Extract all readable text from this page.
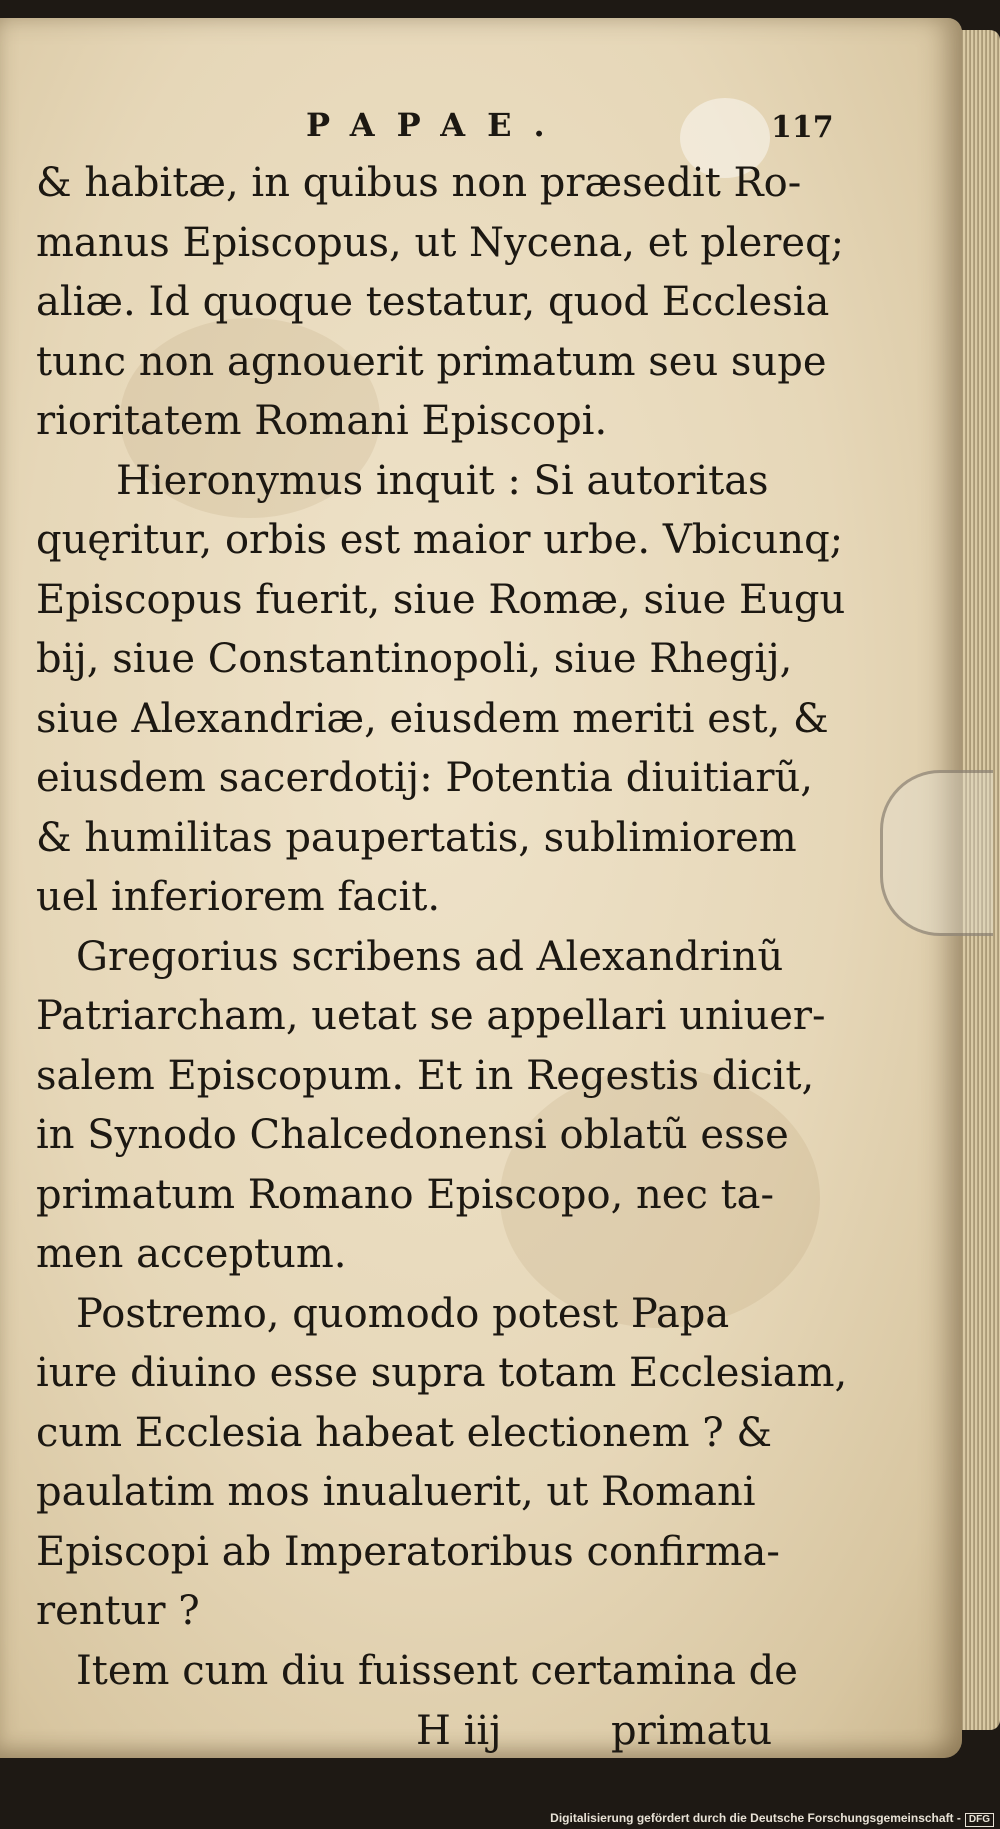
PAPAE.	117
& habitæ, in quibus non præsedit Ro-
manus Episcopus, ut Nycena, et plereq;
aliæ. Id quoque testatur, quod Ecclesia
tunc non agnouerit primatum seu supe
rioritatem Romani Episcopi.
Hieronymus inquit : Si autoritas
quęritur, orbis est maior urbe. Vbicunq;
Episcopus fuerit, siue Romæ, siue Eugu
bij, siue Constantinopoli, siue Rhegij,
siue Alexandriæ, eiusdem meriti est, &
eiusdem sacerdotij: Potentia diuitiarũ,
& humilitas paupertatis, sublimiorem
uel inferiorem facit.
Gregorius scribens ad Alexandrinũ
Patriarcham, uetat se appellari uniuer-
salem Episcopum. Et in Regestis dicit,
in Synodo Chalcedonensi oblatũ esse
primatum Romano Episcopo, nec ta-
men acceptum.
Postremo, quomodo potest Papa
iure diuino esse supra totam Ecclesiam,
cum Ecclesia habeat electionem ? &
paulatim mos inualuerit, ut Romani
Episcopi ab Imperatoribus confirma-
rentur ?
Item cum diu fuissent certamina de
H iij	primatu
Digitalisierung gefördert durch die Deutsche Forschungsgemeinschaft - DFG
